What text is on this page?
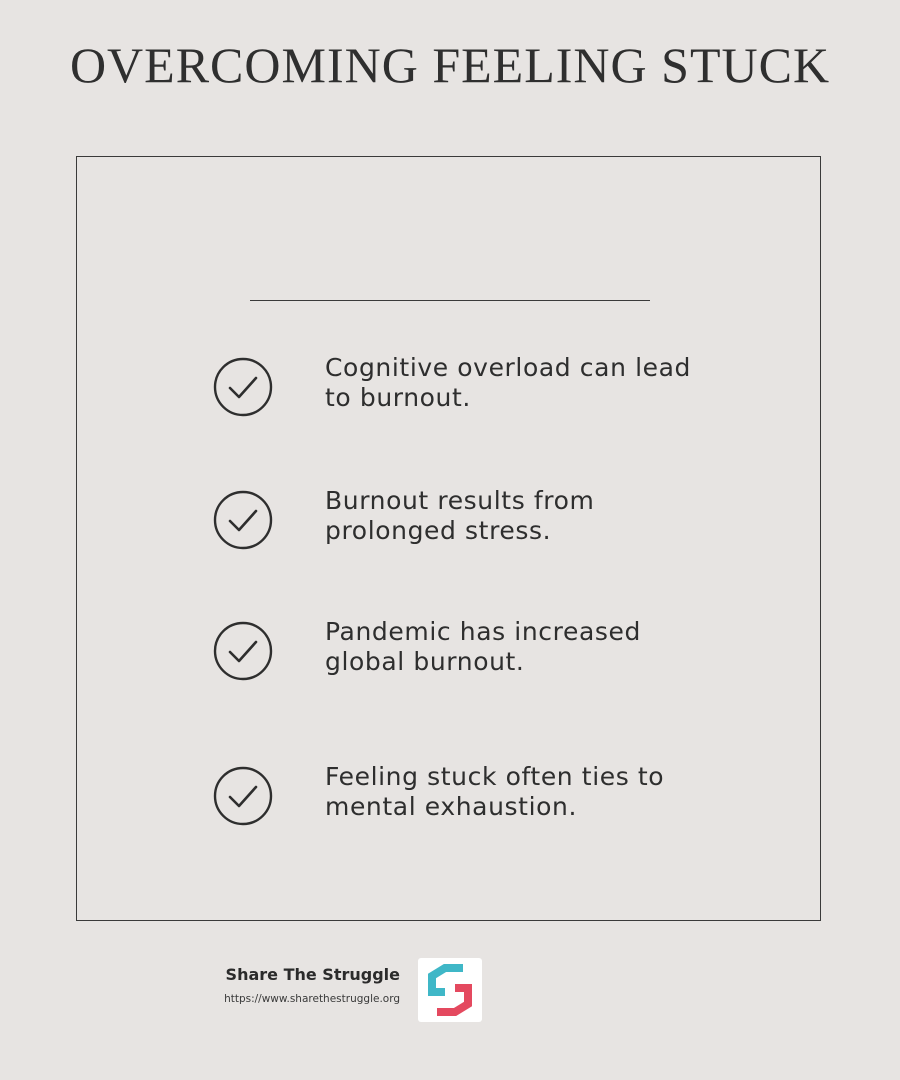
OVERCOMING FEELING STUCK
Cognitive overload can lead to burnout.
Burnout results from prolonged stress.
Pandemic has increased global burnout.
Feeling stuck often ties to mental exhaustion.
Share The Struggle
https://www.sharethestruggle.org
